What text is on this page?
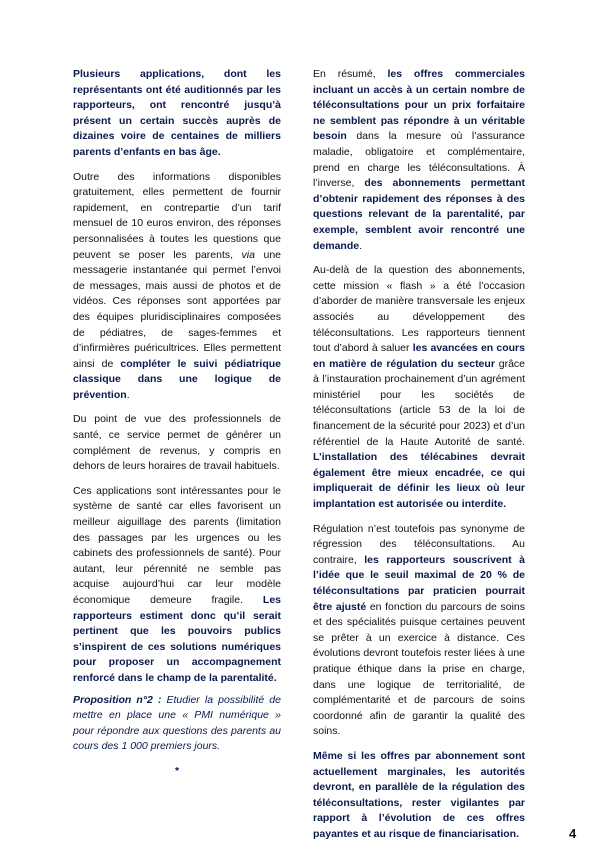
Plusieurs applications, dont les représentants ont été auditionnés par les rapporteurs, ont rencontré jusqu’à présent un certain succès auprès de dizaines voire de centaines de milliers parents d’enfants en bas âge.

Outre des informations disponibles gratuitement, elles permettent de fournir rapidement, en contrepartie d’un tarif mensuel de 10 euros environ, des réponses personnalisées à toutes les questions que peuvent se poser les parents, via une messagerie instantanée qui permet l’envoi de messages, mais aussi de photos et de vidéos. Ces réponses sont apportées par des équipes pluridisciplinaires composées de pédiatres, de sages-femmes et d’infirmières puéricultrices. Elles permettent ainsi de compléter le suivi pédiatrique classique dans une logique de prévention.

Du point de vue des professionnels de santé, ce service permet de générer un complément de revenus, y compris en dehors de leurs horaires de travail habituels.

Ces applications sont intéressantes pour le système de santé car elles favorisent un meilleur aiguillage des parents (limitation des passages par les urgences ou les cabinets des professionnels de santé). Pour autant, leur pérennité ne semble pas acquise aujourd’hui car leur modèle économique demeure fragile. Les rapporteurs estiment donc qu’il serait pertinent que les pouvoirs publics s’inspirent de ces solutions numériques pour proposer un accompagnement renforcé dans le champ de la parentalité.

Proposition n°2 : Etudier la possibilité de mettre en place une « PMI numérique » pour répondre aux questions des parents au cours des 1 000 premiers jours.

*

En résumé, les offres commerciales incluant un accès à un certain nombre de téléconsultations pour un prix forfaitaire ne semblent pas répondre à un véritable besoin dans la mesure où l’assurance maladie, obligatoire et complémentaire, prend en charge les téléconsultations. À l’inverse, des abonnements permettant d’obtenir rapidement des réponses à des questions relevant de la parentalité, par exemple, semblent avoir rencontré une demande.

Au-delà de la question des abonnements, cette mission « flash » a été l’occasion d’aborder de manière transversale les enjeux associés au développement des téléconsultations. Les rapporteurs tiennent tout d’abord à saluer les avancées en cours en matière de régulation du secteur grâce à l’instauration prochainement d’un agrément ministériel pour les sociétés de téléconsultations (article 53 de la loi de financement de la sécurité pour 2023) et d’un référentiel de la Haute Autorité de santé. L’installation des télécabines devrait également être mieux encadrée, ce qui impliquerait de définir les lieux où leur implantation est autorisée ou interdite.

Régulation n’est toutefois pas synonyme de régression des téléconsultations. Au contraire, les rapporteurs souscrivent à l’idée que le seuil maximal de 20 % de téléconsultations par praticien pourrait être ajusté en fonction du parcours de soins et des spécialités puisque certaines peuvent se prêter à un exercice à distance. Ces évolutions devront toutefois rester liées à une pratique éthique dans la prise en charge, dans une logique de territorialité, de complémentarité et de parcours de soins coordonné afin de garantir la qualité des soins.

Même si les offres par abonnement sont actuellement marginales, les autorités devront, en parallèle de la régulation des téléconsultations, rester vigilantes par rapport à l’évolution de ces offres payantes et au risque de financiarisation.	4
